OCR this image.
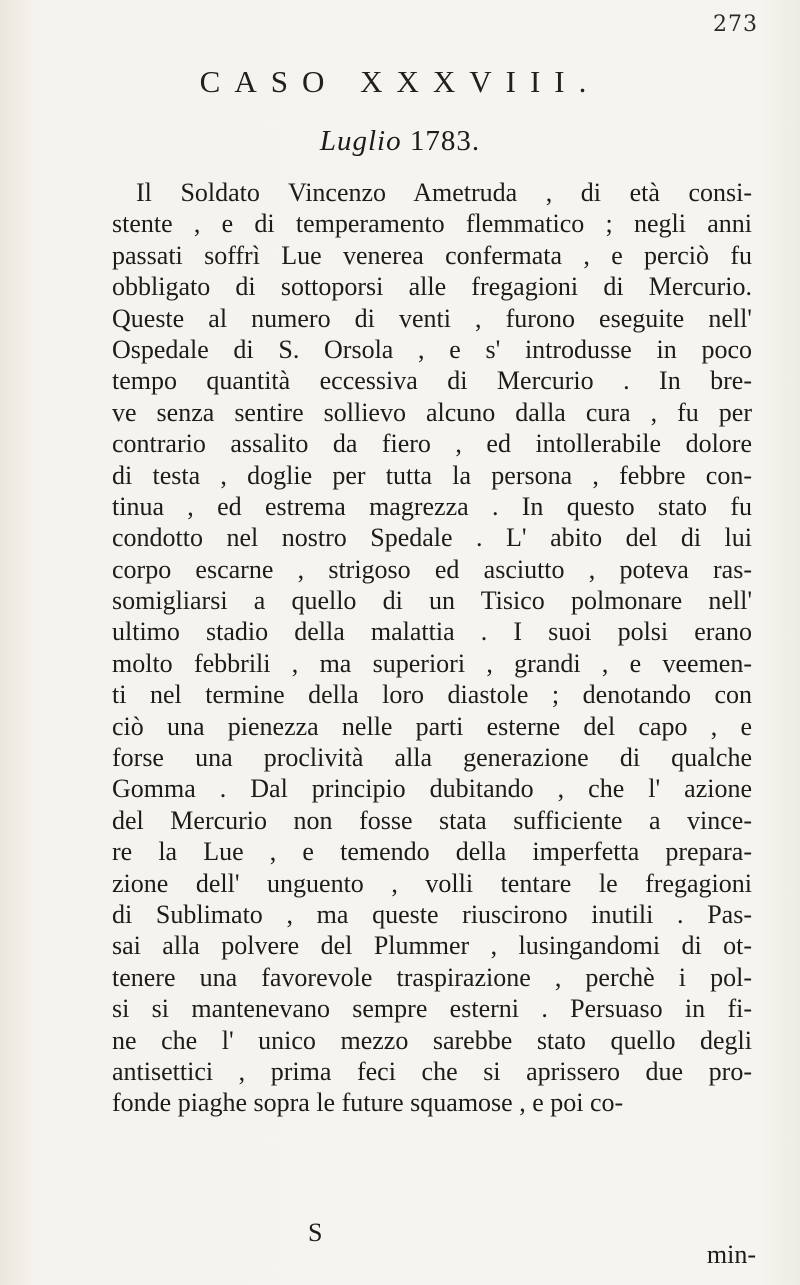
273
CASO XXXVIII.
Luglio 1783.
Il Soldato Vincenzo Ametruda , di età consi-
stente , e di temperamento flemmatico ; negli anni
passati soffrì Lue venerea confermata , e perciò fu
obbligato di sottoporsi alle fregagioni di Mercurio.
Queste al numero di venti , furono eseguite nell'
Ospedale di S. Orsola , e s' introdusse in poco
tempo quantità eccessiva di Mercurio . In bre-
ve senza sentire sollievo alcuno dalla cura , fu per
contrario assalito da fiero , ed intollerabile dolore
di testa , doglie per tutta la persona , febbre con-
tinua , ed estrema magrezza . In questo stato fu
condotto nel nostro Spedale . L' abito del di lui
corpo escarne , strigoso ed asciutto , poteva ras-
somigliarsi a quello di un Tisico polmonare nell'
ultimo stadio della malattia . I suoi polsi erano
molto febbrili , ma superiori , grandi , e veemen-
ti nel termine della loro diastole ; denotando con
ciò una pienezza nelle parti esterne del capo , e
forse una proclività alla generazione di qualche
Gomma . Dal principio dubitando , che l' azione
del Mercurio non fosse stata sufficiente a vince-
re la Lue , e temendo della imperfetta prepara-
zione dell' unguento , volli tentare le fregagioni
di Sublimato , ma queste riuscirono inutili . Pas-
sai alla polvere del Plummer , lusingandomi di ot-
tenere una favorevole traspirazione , perchè i pol-
si si mantenevano sempre esterni . Persuaso in fi-
ne che l' unico mezzo sarebbe stato quello degli
antisettici , prima feci che si aprissero due pro-
fonde piaghe sopra le future squamose , e poi co-
S
min-
